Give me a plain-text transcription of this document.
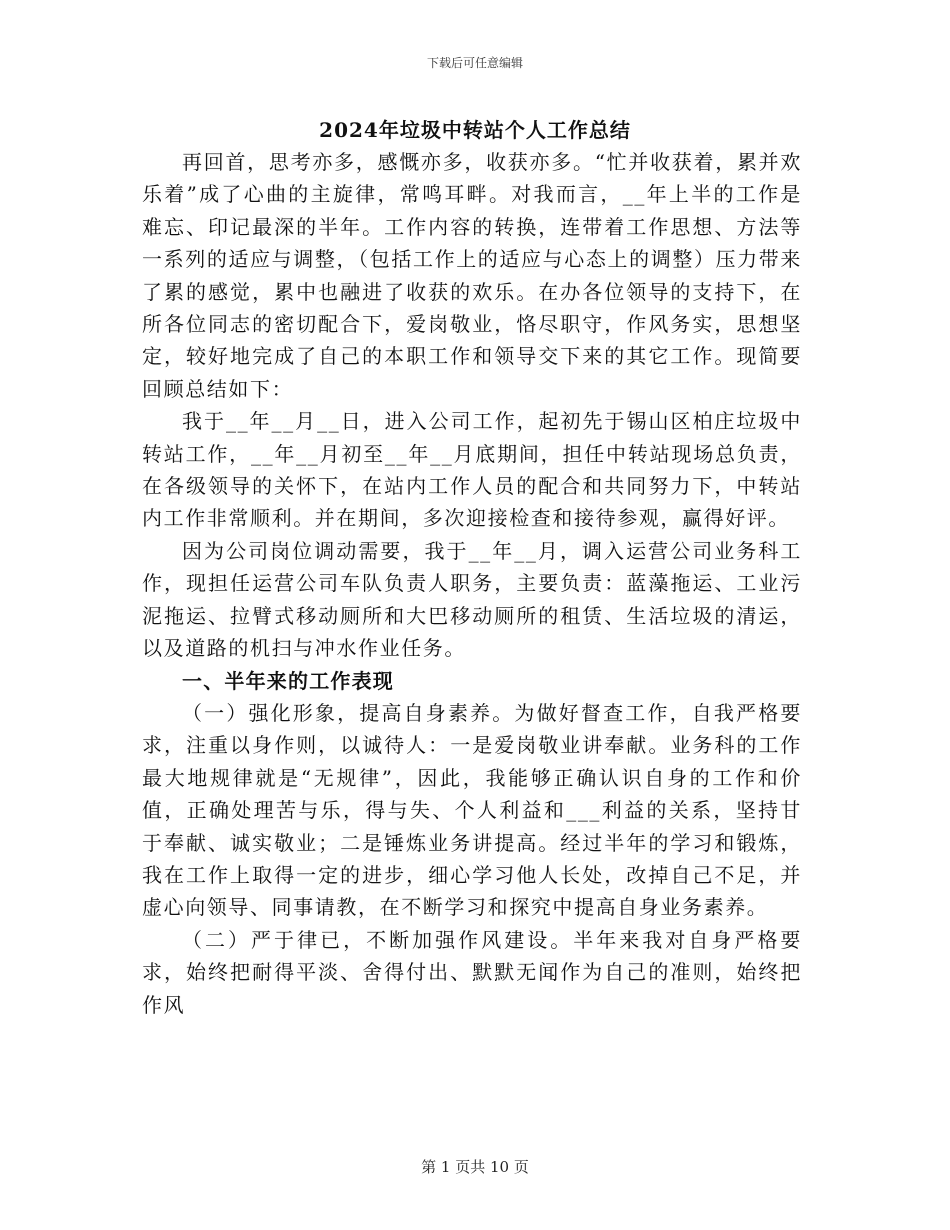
下载后可任意编辑
2024年垃圾中转站个人工作总结

再回首，思考亦多，感慨亦多，收获亦多。“忙并收获着，累并欢乐着”成了心曲的主旋律，常鸣耳畔。对我而言，__年上半的工作是难忘、印记最深的半年。工作内容的转换，连带着工作思想、方法等一系列的适应与调整，（包括工作上的适应与心态上的调整）压力带来了累的感觉，累中也融进了收获的欢乐。在办各位领导的支持下，在所各位同志的密切配合下，爱岗敬业，恪尽职守，作风务实，思想坚定，较好地完成了自己的本职工作和领导交下来的其它工作。现简要回顾总结如下：

我于__年__月__日，进入公司工作，起初先于锡山区柏庄垃圾中转站工作，__年__月初至__年__月底期间，担任中转站现场总负责，在各级领导的关怀下，在站内工作人员的配合和共同努力下，中转站内工作非常顺利。并在期间，多次迎接检查和接待参观，赢得好评。

因为公司岗位调动需要，我于__年__月，调入运营公司业务科工作，现担任运营公司车队负责人职务，主要负责：蓝藻拖运、工业污泥拖运、拉臂式移动厕所和大巴移动厕所的租赁、生活垃圾的清运，以及道路的机扫与冲水作业任务。

一、半年来的工作表现

（一）强化形象，提高自身素养。为做好督查工作，自我严格要求，注重以身作则，以诚待人：一是爱岗敬业讲奉献。业务科的工作最大地规律就是“无规律”，因此，我能够正确认识自身的工作和价值，正确处理苦与乐，得与失、个人利益和___利益的关系，坚持甘于奉献、诚实敬业；二是锤炼业务讲提高。经过半年的学习和锻炼，我在工作上取得一定的进步，细心学习他人长处，改掉自己不足，并虚心向领导、同事请教，在不断学习和探究中提高自身业务素养。

（二）严于律已，不断加强作风建设。半年来我对自身严格要求，始终把耐得平淡、舍得付出、默默无闻作为自己的准则，始终把作风

第 1 页共 10 页
